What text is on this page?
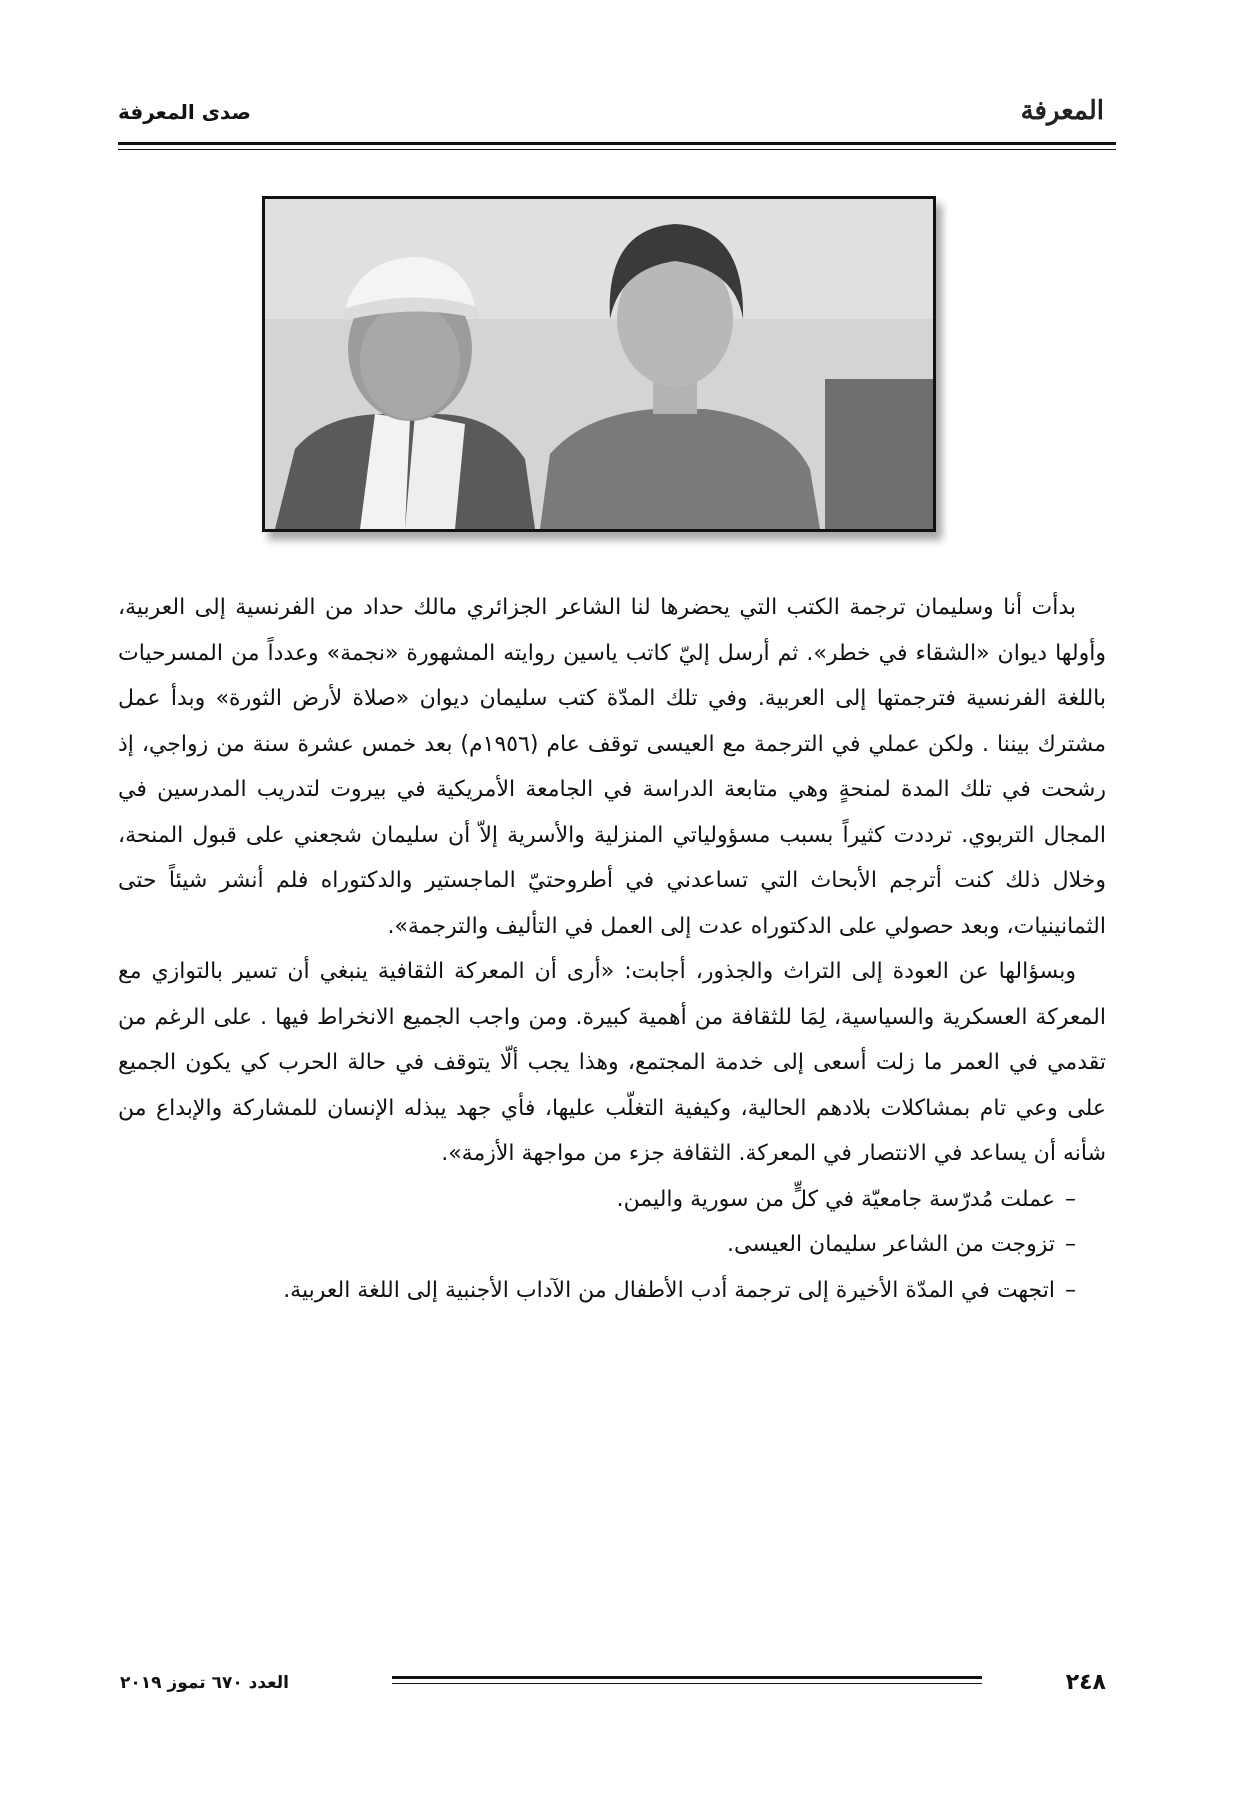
المعرفة
صدى المعرفة

بدأت أنا وسليمان ترجمة الكتب التي يحضرها لنا الشاعر الجزائري مالك حداد من الفرنسية إلى العربية، وأولها ديوان «الشقاء في خطر». ثم أرسل إليّ كاتب ياسين روايته المشهورة «نجمة» وعدداً من المسرحيات باللغة الفرنسية فترجمتها إلى العربية. وفي تلك المدّة كتب سليمان ديوان «صلاة لأرض الثورة» وبدأ عمل مشترك بيننا . ولكن عملي في الترجمة مع العيسى توقف عام (١٩٥٦م) بعد خمس عشرة سنة من زواجي، إذ رشحت في تلك المدة لمنحةٍ وهي متابعة الدراسة في الجامعة الأمريكية في بيروت لتدريب المدرسين في المجال التربوي. ترددت كثيراً بسبب مسؤولياتي المنزلية والأسرية إلاّ أن سليمان شجعني على قبول المنحة، وخلال ذلك كنت أترجم الأبحاث التي تساعدني في أطروحتيّ الماجستير والدكتوراه فلم أنشر شيئاً حتى الثمانينيات، وبعد حصولي على الدكتوراه عدت إلى العمل في التأليف والترجمة».

وبسؤالها عن العودة إلى التراث والجذور، أجابت: «أرى أن المعركة الثقافية ينبغي أن تسير بالتوازي مع المعركة العسكرية والسياسية، لِمَا للثقافة من أهمية كبيرة. ومن واجب الجميع الانخراط فيها . على الرغم من تقدمي في العمر ما زلت أسعى إلى خدمة المجتمع، وهذا يجب ألّا يتوقف في حالة الحرب كي يكون الجميع على وعي تام بمشاكلات بلادهم الحالية، وكيفية التغلّب عليها، فأي جهد يبذله الإنسان للمشاركة والإبداع من شأنه أن يساعد في الانتصار في المعركة. الثقافة جزء من مواجهة الأزمة».

–عملت مُدرّسة جامعيّة في كلٍّ من سورية واليمن.
–تزوجت من الشاعر سليمان العيسى.
–اتجهت في المدّة الأخيرة إلى ترجمة أدب الأطفال من الآداب الأجنبية إلى اللغة العربية.
٢٤٨
العدد ٦٧٠ تموز ٢٠١٩
